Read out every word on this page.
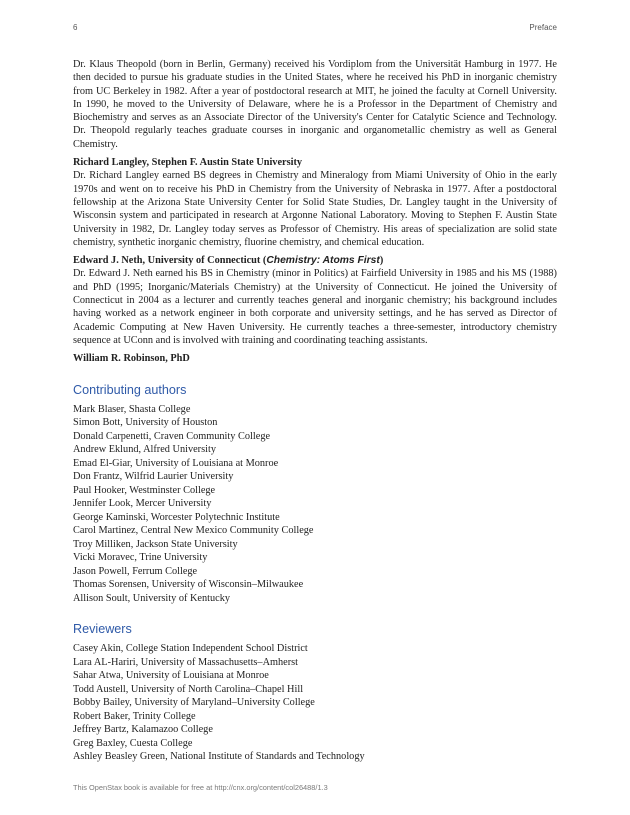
6	Preface

Dr. Klaus Theopold (born in Berlin, Germany) received his Vordiplom from the Universität Hamburg in 1977. He then decided to pursue his graduate studies in the United States, where he received his PhD in inorganic chemistry from UC Berkeley in 1982. After a year of postdoctoral research at MIT, he joined the faculty at Cornell University. In 1990, he moved to the University of Delaware, where he is a Professor in the Department of Chemistry and Biochemistry and serves as an Associate Director of the University's Center for Catalytic Science and Technology. Dr. Theopold regularly teaches graduate courses in inorganic and organometallic chemistry as well as General Chemistry.

Richard Langley, Stephen F. Austin State University

Dr. Richard Langley earned BS degrees in Chemistry and Mineralogy from Miami University of Ohio in the early 1970s and went on to receive his PhD in Chemistry from the University of Nebraska in 1977. After a postdoctoral fellowship at the Arizona State University Center for Solid State Studies, Dr. Langley taught in the University of Wisconsin system and participated in research at Argonne National Laboratory. Moving to Stephen F. Austin State University in 1982, Dr. Langley today serves as Professor of Chemistry. His areas of specialization are solid state chemistry, synthetic inorganic chemistry, fluorine chemistry, and chemical education.

Edward J. Neth, University of Connecticut (Chemistry: Atoms First)

Dr. Edward J. Neth earned his BS in Chemistry (minor in Politics) at Fairfield University in 1985 and his MS (1988) and PhD (1995; Inorganic/Materials Chemistry) at the University of Connecticut. He joined the University of Connecticut in 2004 as a lecturer and currently teaches general and inorganic chemistry; his background includes having worked as a network engineer in both corporate and university settings, and he has served as Director of Academic Computing at New Haven University. He currently teaches a three-semester, introductory chemistry sequence at UConn and is involved with training and coordinating teaching assistants.

William R. Robinson, PhD

Contributing authors
Mark Blaser, Shasta College
Simon Bott, University of Houston
Donald Carpenetti, Craven Community College
Andrew Eklund, Alfred University
Emad El-Giar, University of Louisiana at Monroe
Don Frantz, Wilfrid Laurier University
Paul Hooker, Westminster College
Jennifer Look, Mercer University
George Kaminski, Worcester Polytechnic Institute
Carol Martinez, Central New Mexico Community College
Troy Milliken, Jackson State University
Vicki Moravec, Trine University
Jason Powell, Ferrum College
Thomas Sorensen, University of Wisconsin–Milwaukee
Allison Soult, University of Kentucky
Reviewers
Casey Akin, College Station Independent School District
Lara AL-Hariri, University of Massachusetts–Amherst
Sahar Atwa, University of Louisiana at Monroe
Todd Austell, University of North Carolina–Chapel Hill
Bobby Bailey, University of Maryland–University College
Robert Baker, Trinity College
Jeffrey Bartz, Kalamazoo College
Greg Baxley, Cuesta College
Ashley Beasley Green, National Institute of Standards and Technology
This OpenStax book is available for free at http://cnx.org/content/col26488/1.3
